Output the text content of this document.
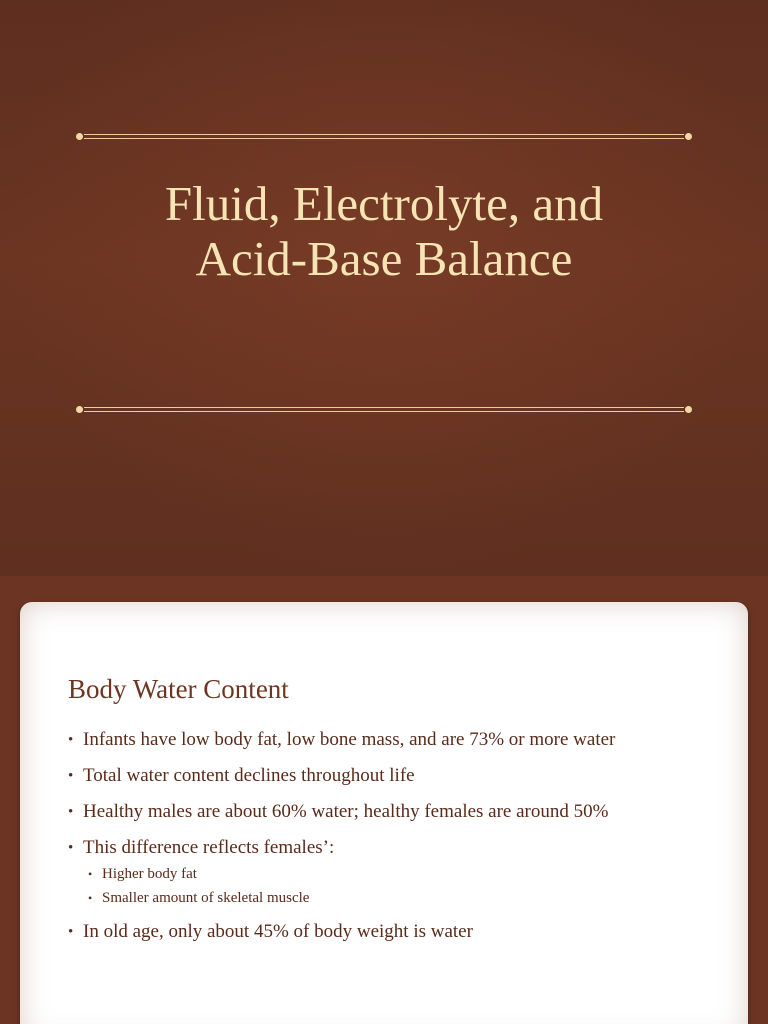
Fluid, Electrolyte, and
Acid-Base Balance
Body Water Content
• Infants have low body fat, low bone mass, and are 73% or more water
• Total water content declines throughout life
• Healthy males are about 60% water; healthy females are around 50%
• This difference reflects females’:
• Higher body fat
• Smaller amount of skeletal muscle
• In old age, only about 45% of body weight is water
